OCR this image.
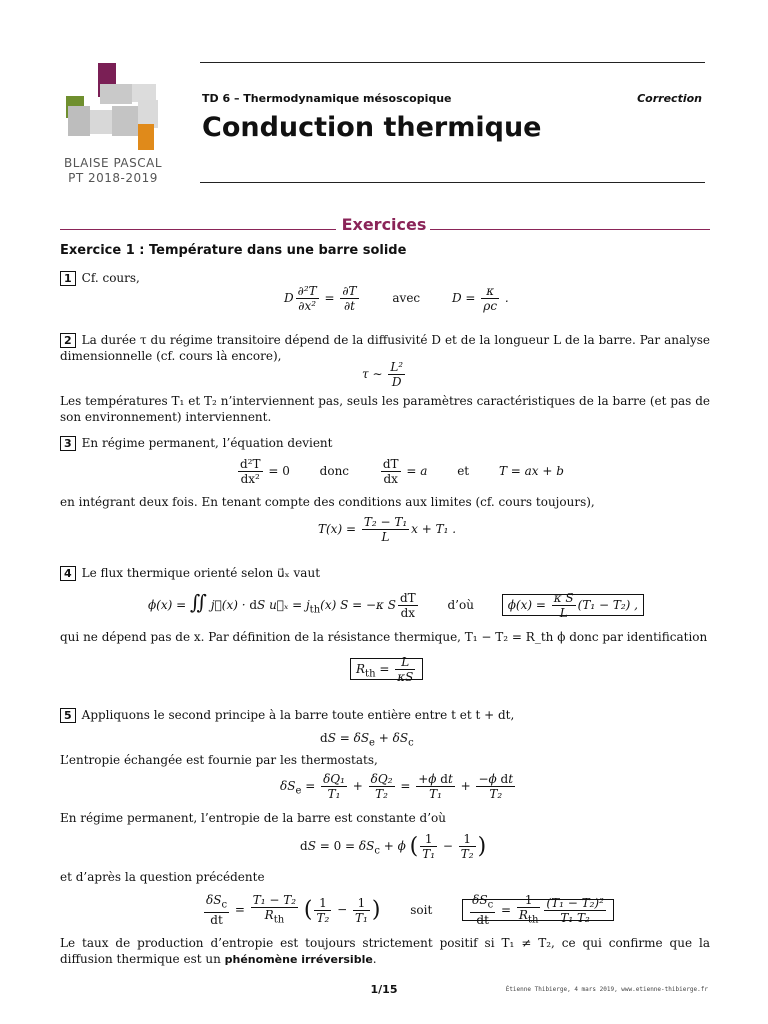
BLAISE PASCAL
PT 2018-2019
TD 6 – Thermodynamique mésoscopique	Correction
Conduction thermique
Exercices
Exercice 1 : Température dans une barre solide
1 Cf. cours,
D $\frac{\text{∂²T}}{\text{∂x²}} = \frac{\partial T}{\partial t}$	avec $D = \frac{\kappa}{\rho c}$ .
2 La durée τ du régime transitoire dépend de la diffusivité D et de la longueur L de la barre. Par analyse dimensionnelle (cf. cours là encore),
τ ∼ $\frac{\text{L²}}{D}$
Les températures T₁ et T₂ n’interviennent pas, seuls les paramètres caractéristiques de la barre (et pas de son environnement) interviennent.
3 En régime permanent, l’équation devient
$\frac{\text{d²T}}{\text{dx²}} = 0$ donc	$\frac{dT}{dx} = a$ et T = ax + b
en intégrant deux fois. En tenant compte des conditions aux limites (cf. cours toujours),
$T(x) = \frac{\text{T₂ − T₁}}{L}$ x + T₁ .
4 Le flux thermique orienté selon u⃗ₓ vaut
ϕ(x) = ∬ j⃗(x) · dS u⃗ₓ = $j_{th}(x) S = -\kappa$ S $\frac{dT}{dx}$ d’où	$\phi(x) = \frac{\text{κ S}}{L} (T_1 - T_2)$ ,
qui ne dépend pas de x. Par définition de la résistance thermique, T₁ − T₂ = R_th ϕ donc par identification
$R_{th} = \frac{L}{\kappa S}$
5 Appliquons le second principe à la barre toute entière entre t et t + dt,
dS = $\delta S_e + \delta S_c$
L’entropie échangée est fournie par les thermostats,
$\delta S_e = \frac{\text{δQ₁}}{\text{T₁}} + \frac{\text{δQ₂}}{\text{T₂}} = \frac{\text{+ϕ dt}}{\text{T₁}} + \frac{\text{−ϕ dt}}{\text{T₂}}$
En régime permanent, l’entropie de la barre est constante d’où
dS = $0 = \delta S_c + \phi$ ( $\frac{1}{\text{T₁}} - \frac{1}{\text{T₂}}$ )
et d’après la question précédente
$\frac{\delta S_c}{dt} = \frac{\text{T₁ − T₂}}{R_{th}}$ ( $\frac{1}{\text{T₂}} - \frac{1}{\text{T₁}}$ ) soit	$\frac{\delta S_c}{dt} = \frac{1}{R_{th}} \frac{\text{(T₁ − T₂)²}}{\text{T₁ T₂}}$
Le taux de production d’entropie est toujours strictement positif si T₁ ≠ T₂, ce qui confirme que la diffusion thermique est un phénomène irréversible.
1/15	Étienne Thibierge, 4 mars 2019, www.etienne-thibierge.fr
